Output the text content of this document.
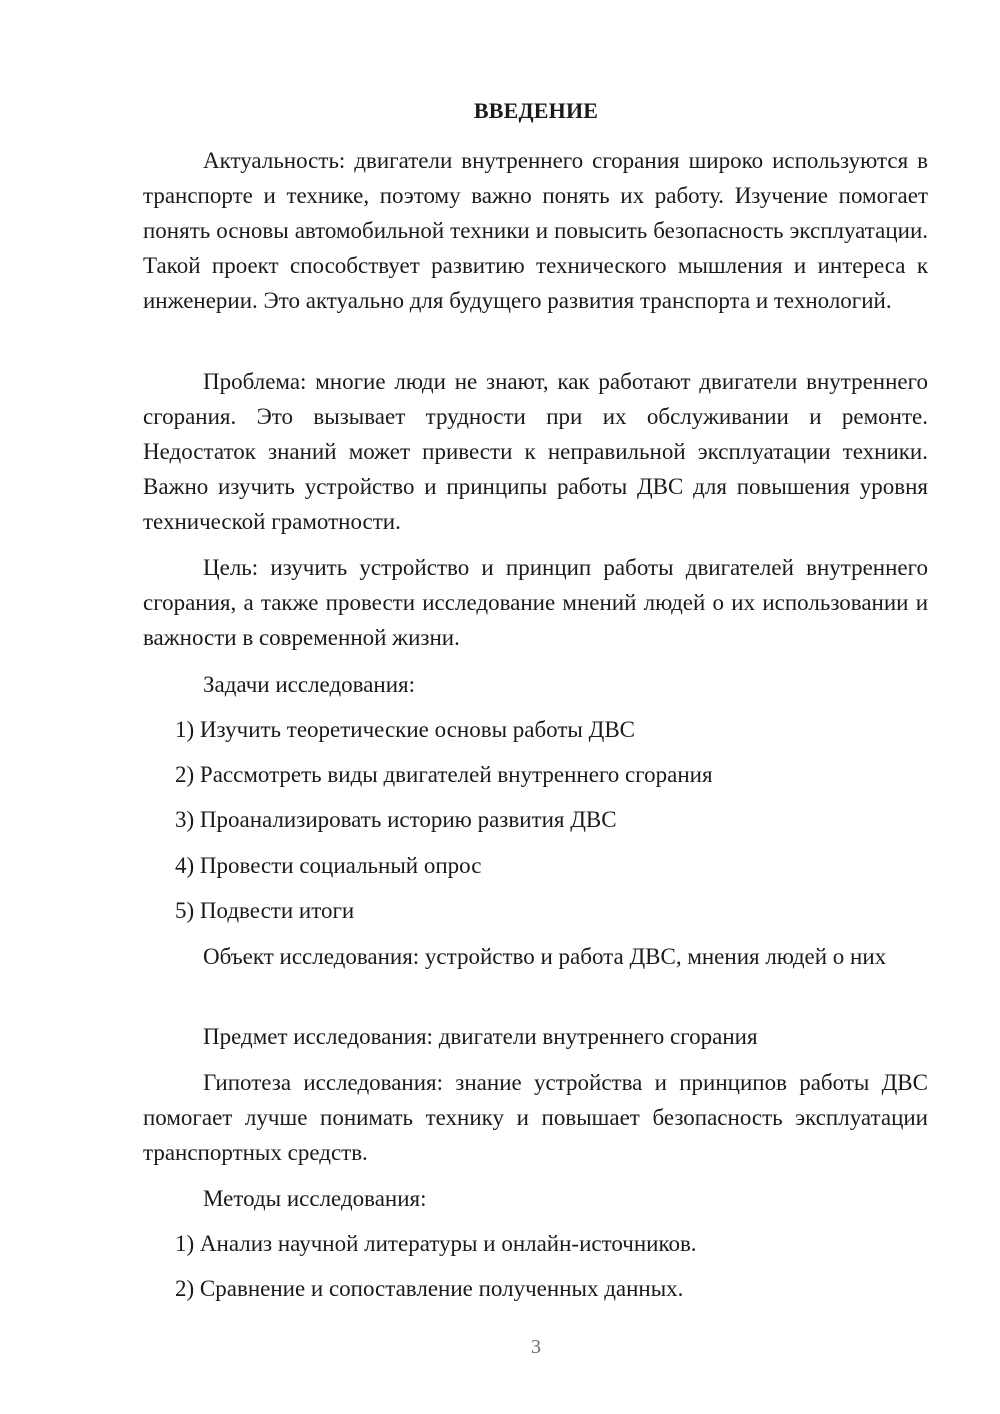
ВВЕДЕНИЕ

Актуальность: двигатели внутреннего сгорания широко используются в транспорте и технике, поэтому важно понять их работу. Изучение помогает понять основы автомобильной техники и повысить безопасность эксплуатации. Такой проект способствует развитию технического мышления и интереса к инженерии. Это актуально для будущего развития транспорта и технологий.

Проблема: многие люди не знают, как работают двигатели внутреннего сгорания. Это вызывает трудности при их обслуживании и ремонте. Недостаток знаний может привести к неправильной эксплуатации техники. Важно изучить устройство и принципы работы ДВС для повышения уровня технической грамотности.

Цель: изучить устройство и принцип работы двигателей внутреннего сгорания, а также провести исследование мнений людей о их использовании и важности в современной жизни.

Задачи исследования:

1) Изучить теоретические основы работы ДВС

2) Рассмотреть виды двигателей внутреннего сгорания

3) Проанализировать историю развития ДВС

4) Провести социальный опрос

5) Подвести итоги

Объект исследования: устройство и работа ДВС, мнения людей о них

Предмет исследования: двигатели внутреннего сгорания

Гипотеза исследования: знание устройства и принципов работы ДВС помогает лучше понимать технику и повышает безопасность эксплуатации транспортных средств.

Методы исследования:

1) Анализ научной литературы и онлайн-источников.

2) Сравнение и сопоставление полученных данных.

3
